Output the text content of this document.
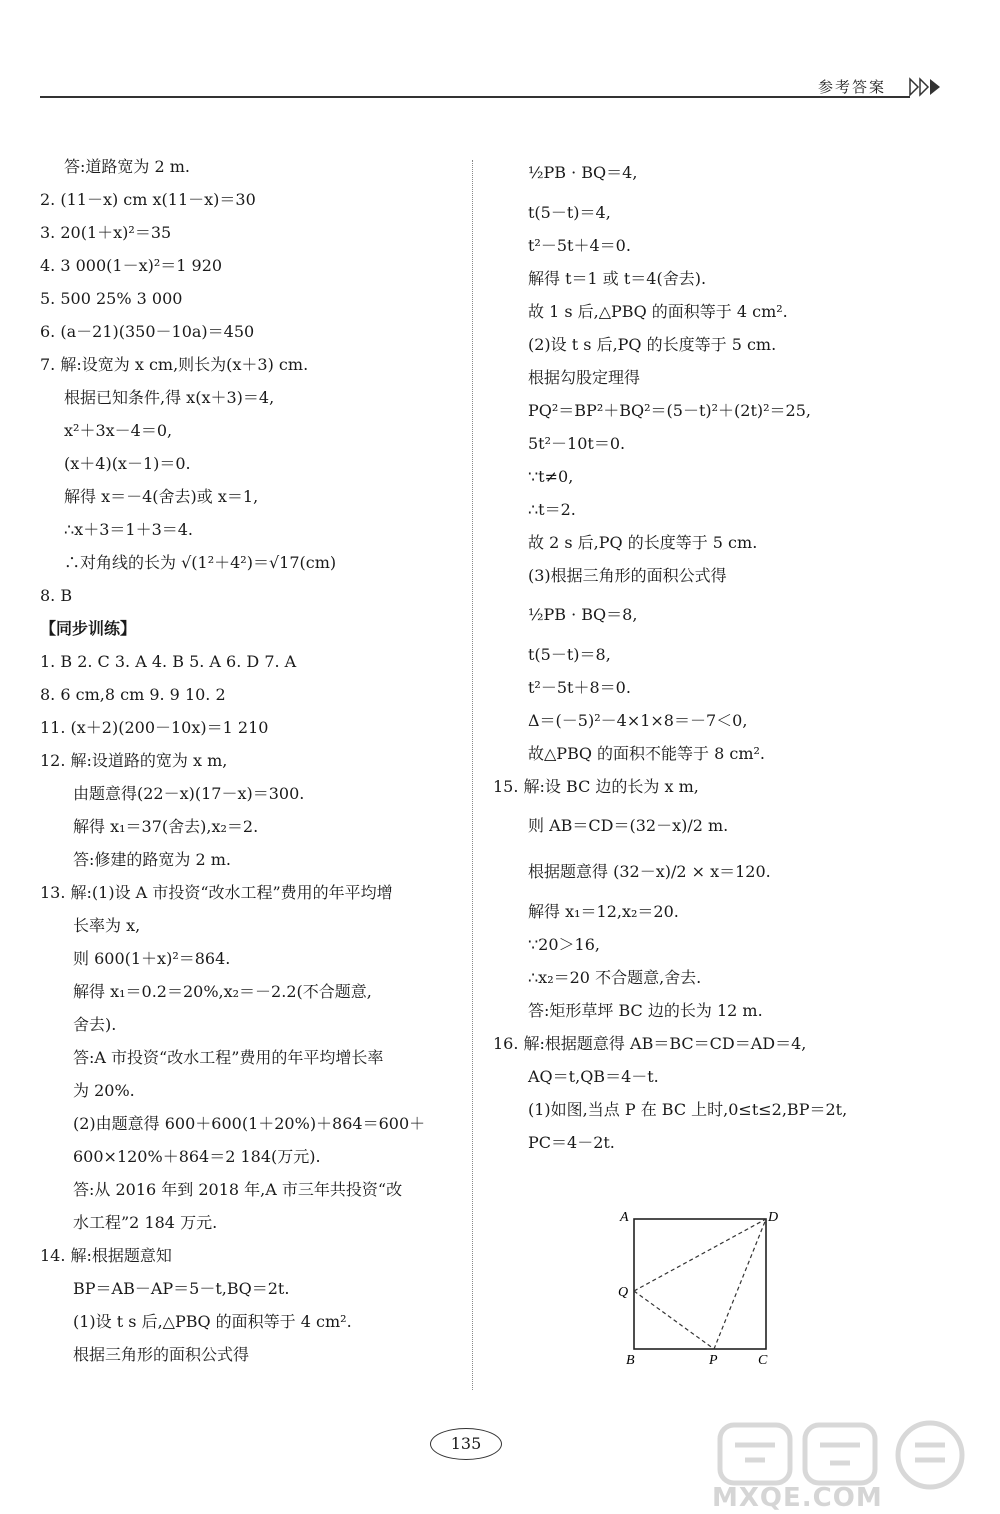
参考答案
答:道路宽为 2 m.
2. (11－x) cm x(11－x)＝30
3. 20(1＋x)²＝35
4. 3 000(1－x)²＝1 920
5. 500 25% 3 000
6. (a－21)(350－10a)＝450
7. 解:设宽为 x cm,则长为(x＋3) cm.
根据已知条件,得 x(x＋3)＝4,
x²＋3x－4＝0,
(x＋4)(x－1)＝0.
解得 x＝－4(舍去)或 x＝1,
∴x＋3＝1＋3＝4.
∴对角线的长为 √(1²＋4²)＝√17(cm)
8. B
【同步训练】
1. B 2. C 3. A 4. B 5. A 6. D 7. A
8. 6 cm,8 cm 9. 9 10. 2
11. (x＋2)(200－10x)＝1 210
12. 解:设道路的宽为 x m,
由题意得(22－x)(17－x)＝300.
解得 x₁＝37(舍去),x₂＝2.
答:修建的路宽为 2 m.
13. 解:(1)设 A 市投资“改水工程”费用的年平均增
长率为 x,
则 600(1＋x)²＝864.
解得 x₁＝0.2＝20%,x₂＝－2.2(不合题意,
舍去).
答:A 市投资“改水工程”费用的年平均增长率
为 20%.
(2)由题意得 600＋600(1＋20%)＋864＝600＋
600×120%＋864＝2 184(万元).
答:从 2016 年到 2018 年,A 市三年共投资“改
水工程”2 184 万元.
14. 解:根据题意知
BP＝AB－AP＝5－t,BQ＝2t.
(1)设 t s 后,△PBQ 的面积等于 4 cm².
根据三角形的面积公式得
½PB · BQ＝4,
t(5－t)＝4,
t²－5t＋4＝0.
解得 t＝1 或 t＝4(舍去).
故 1 s 后,△PBQ 的面积等于 4 cm².
(2)设 t s 后,PQ 的长度等于 5 cm.
根据勾股定理得
PQ²＝BP²＋BQ²＝(5－t)²＋(2t)²＝25,
5t²－10t＝0.
∵t≠0,
∴t＝2.
故 2 s 后,PQ 的长度等于 5 cm.
(3)根据三角形的面积公式得
½PB · BQ＝8,
t(5－t)＝8,
t²－5t＋8＝0.
Δ＝(－5)²－4×1×8＝－7＜0,
故△PBQ 的面积不能等于 8 cm².
15. 解:设 BC 边的长为 x m,
则 AB＝CD＝(32－x)/2 m.
根据题意得 (32－x)/2 × x＝120.
解得 x₁＝12,x₂＝20.
∵20＞16,
∴x₂＝20 不合题意,舍去.
答:矩形草坪 BC 边的长为 12 m.
16. 解:根据题意得 AB＝BC＝CD＝AD＝4,
AQ＝t,QB＝4－t.
(1)如图,当点 P 在 BC 上时,0≤t≤2,BP＝2t,
PC＝4－2t.
A	D
Q
B	P	C
135
MXQE.COM
